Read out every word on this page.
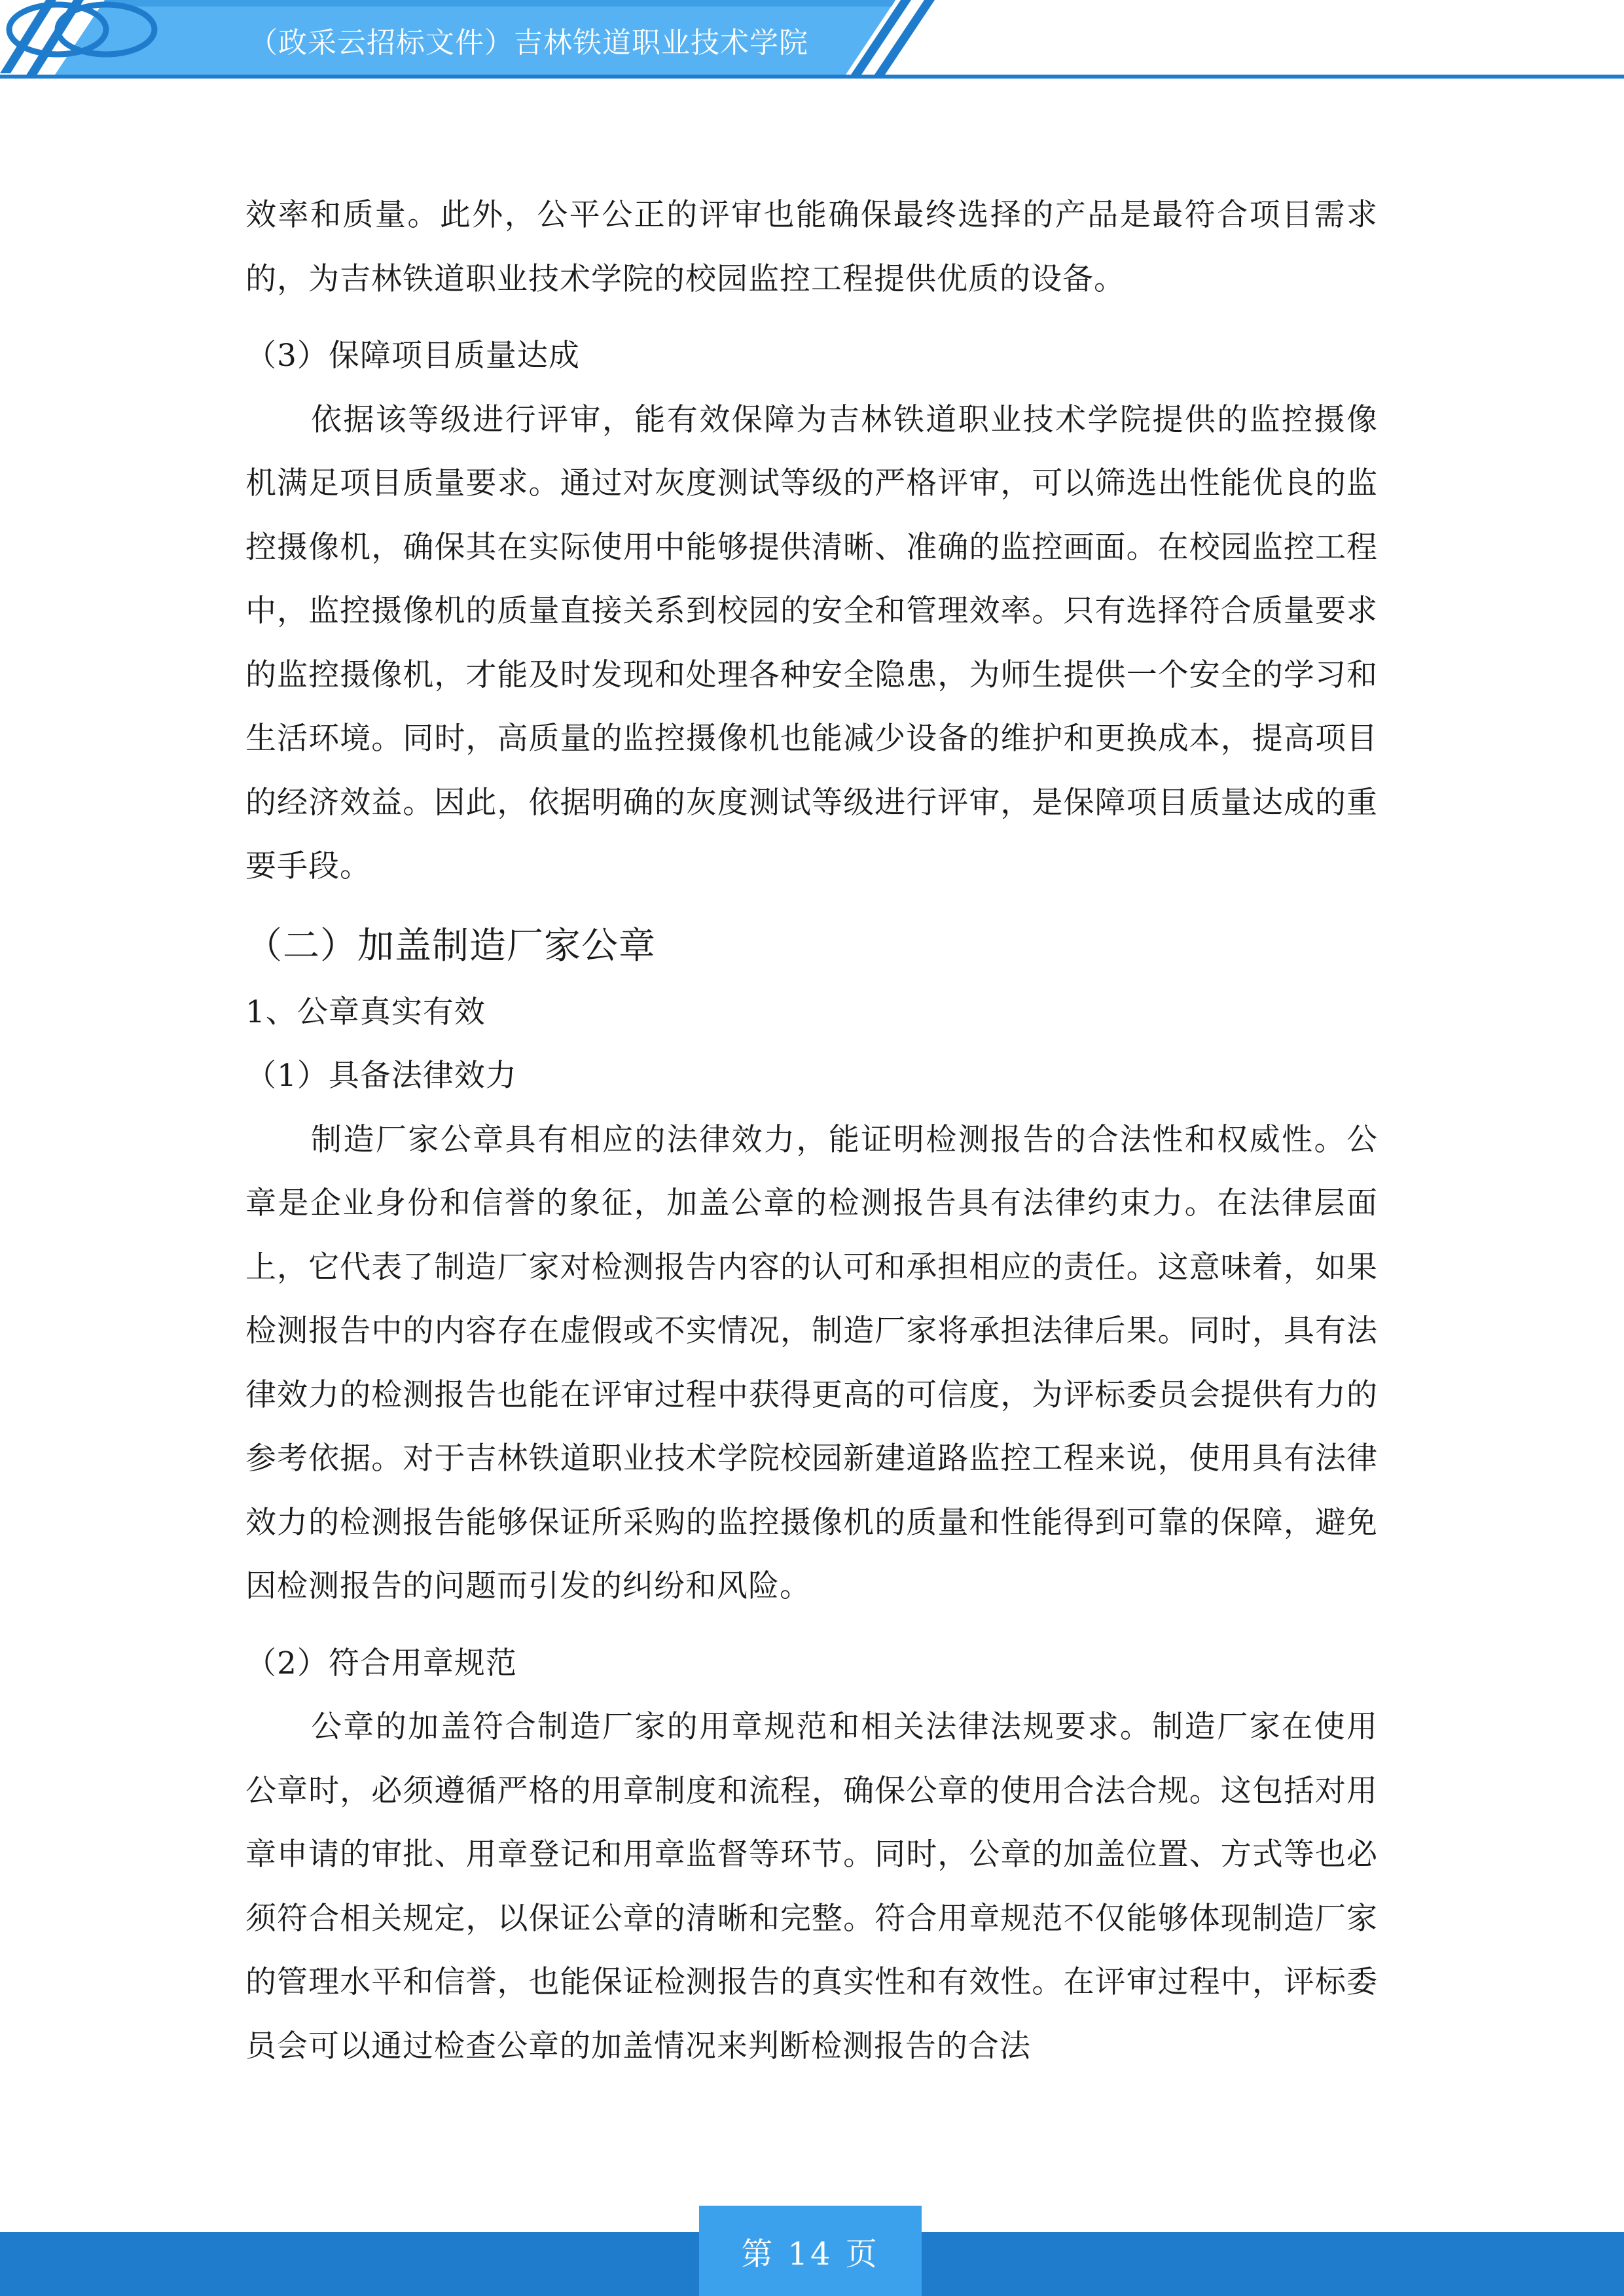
（政采云招标文件）吉林铁道职业技术学院

效率和质量。此外，公平公正的评审也能确保最终选择的产品是最符合项目需求的，为吉林铁道职业技术学院的校园监控工程提供优质的设备。

（3）保障项目质量达成

依据该等级进行评审，能有效保障为吉林铁道职业技术学院提供的监控摄像机满足项目质量要求。通过对灰度测试等级的严格评审，可以筛选出性能优良的监控摄像机，确保其在实际使用中能够提供清晰、准确的监控画面。在校园监控工程中，监控摄像机的质量直接关系到校园的安全和管理效率。只有选择符合质量要求的监控摄像机，才能及时发现和处理各种安全隐患，为师生提供一个安全的学习和生活环境。同时，高质量的监控摄像机也能减少设备的维护和更换成本，提高项目的经济效益。因此，依据明确的灰度测试等级进行评审，是保障项目质量达成的重要手段。

（二）加盖制造厂家公章

1、公章真实有效

（1）具备法律效力

制造厂家公章具有相应的法律效力，能证明检测报告的合法性和权威性。公章是企业身份和信誉的象征，加盖公章的检测报告具有法律约束力。在法律层面上，它代表了制造厂家对检测报告内容的认可和承担相应的责任。这意味着，如果检测报告中的内容存在虚假或不实情况，制造厂家将承担法律后果。同时，具有法律效力的检测报告也能在评审过程中获得更高的可信度，为评标委员会提供有力的参考依据。对于吉林铁道职业技术学院校园新建道路监控工程来说，使用具有法律效力的检测报告能够保证所采购的监控摄像机的质量和性能得到可靠的保障，避免因检测报告的问题而引发的纠纷和风险。

（2）符合用章规范

公章的加盖符合制造厂家的用章规范和相关法律法规要求。制造厂家在使用公章时，必须遵循严格的用章制度和流程，确保公章的使用合法合规。这包括对用章申请的审批、用章登记和用章监督等环节。同时，公章的加盖位置、方式等也必须符合相关规定，以保证公章的清晰和完整。符合用章规范不仅能够体现制造厂家的管理水平和信誉，也能保证检测报告的真实性和有效性。在评审过程中，评标委员会可以通过检查公章的加盖情况来判断检测报告的合法

第 14 页
